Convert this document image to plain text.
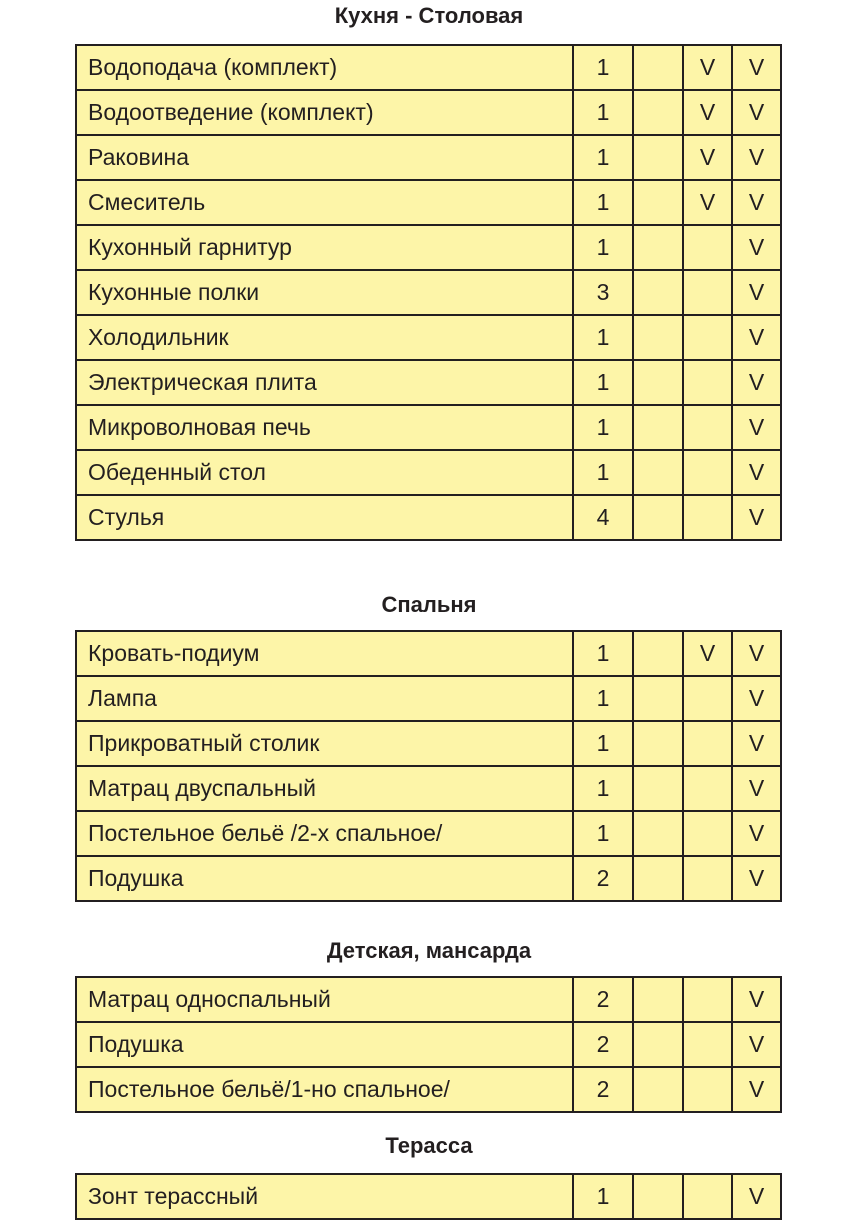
Кухня - Столовая
Водоподача (комплект)	1		V	V
Водоотведение (комплект)	1		V	V
Раковина	1		V	V
Смеситель	1		V	V
Кухонный гарнитур	1			V
Кухонные полки	3			V
Холодильник	1			V
Электрическая плита	1			V
Микроволновая печь	1			V
Обеденный стол	1			V
Стулья	4			V
Спальня
Кровать-подиум	1		V	V
Лампа	1			V
Прикроватный столик	1			V
Матрац двуспальный	1			V
Постельное бельё /2-х спальное/	1			V
Подушка	2			V
Детская, мансарда
Матрац односпальный	2			V
Подушка	2			V
Постельное бельё/1-но спальное/	2			V
Терасса
Зонт терассный	1			V
